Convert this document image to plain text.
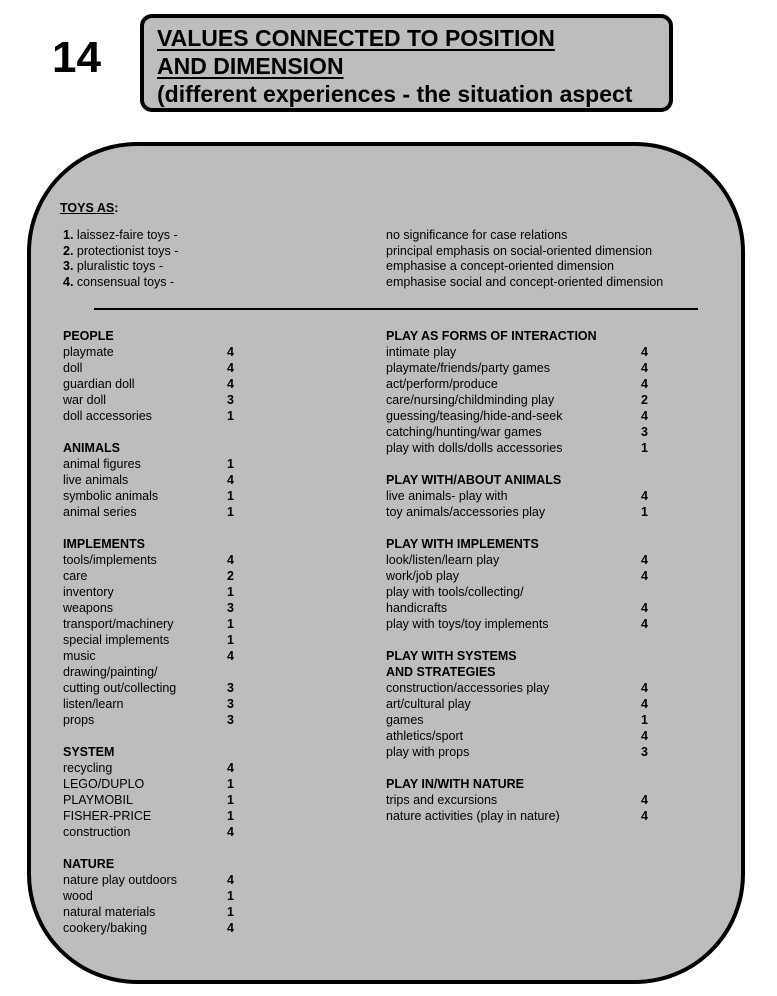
14 VALUES CONNECTED TO POSITION
AND DIMENSION
(different experiences - the situation aspect
TOYS AS:
1. laissez-faire toys -	no significance for case relations
2. protectionist toys -	principal emphasis on social-oriented dimension
3. pluralistic toys -	emphasise a concept-oriented dimension
4. consensual toys -	emphasise social and concept-oriented dimension
PEOPLE
playmate	4
doll	4
guardian doll	4
war doll	3
doll accessories	1
ANIMALS
animal figures	1
live animals	4
symbolic animals	1
animal series	1
IMPLEMENTS
tools/implements	4
care	2
inventory	1
weapons	3
transport/machinery	1
special implements	1
music	4
drawing/painting/
cutting out/collecting	3
listen/learn	3
props	3
SYSTEM
recycling	4
LEGO/DUPLO	1
PLAYMOBIL	1
FISHER-PRICE	1
construction	4
NATURE
nature play outdoors	4
wood	1
natural materials	1
cookery/baking	4
PLAY AS FORMS OF INTERACTION
intimate play	4
playmate/friends/party games	4
act/perform/produce	4
care/nursing/childminding play	2
guessing/teasing/hide-and-seek	4
catching/hunting/war games	3
play with dolls/dolls accessories	1
PLAY WITH/ABOUT ANIMALS
live animals- play with	4
toy animals/accessories play	1
PLAY WITH IMPLEMENTS
look/listen/learn play	4
work/job play	4
play with tools/collecting/
handicrafts	4
play with toys/toy implements	4
PLAY WITH SYSTEMS
AND STRATEGIES
construction/accessories play	4
art/cultural play	4
games	1
athletics/sport	4
play with props	3
PLAY IN/WITH NATURE
trips and excursions	4
nature activities (play in nature)	4
